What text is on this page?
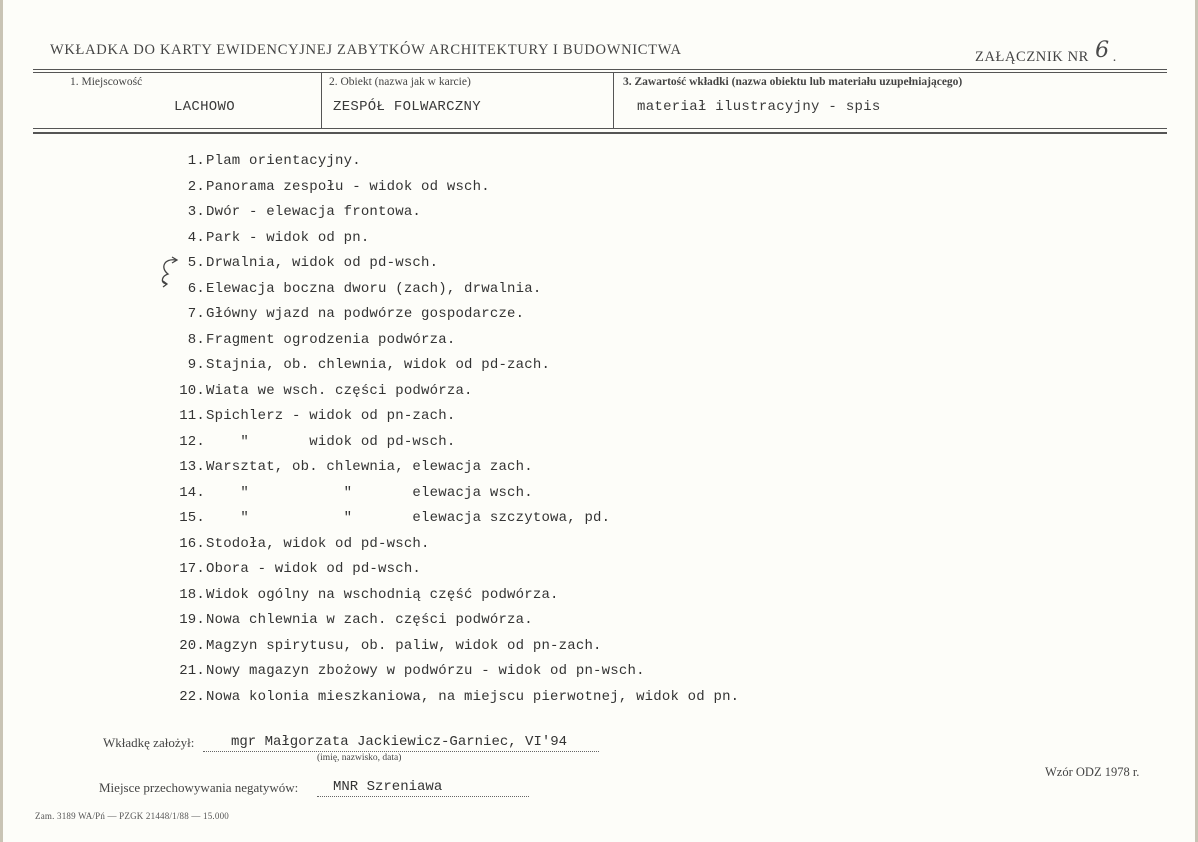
WKŁADKA DO KARTY EWIDENCYJNEJ ZABYTKÓW ARCHITEKTURY I BUDOWNICTWA	ZAŁĄCZNIK NR 6 .
1. Miejscowość
LACHOWO
2. Obiekt (nazwa jak w karcie)
ZESPÓŁ FOLWARCZNY
3. Zawartość wkładki (nazwa obiektu lub materiału uzupełniającego)
materiał ilustracyjny - spis
1.Plam orientacyjny.
2.Panorama zespołu - widok od wsch.
3.Dwór - elewacja frontowa.
4.Park - widok od pn.
5.Drwalnia, widok od pd-wsch.
6.Elewacja boczna dworu (zach), drwalnia.
7.Główny wjazd na podwórze gospodarcze.
8.Fragment ogrodzenia podwórza.
9.Stajnia, ob. chlewnia, widok od pd-zach.
10.Wiata we wsch. części podwórza.
11.Spichlerz - widok od pn-zach.
12.    "       widok od pd-wsch.
13.Warsztat, ob. chlewnia, elewacja zach.
14.    "           "       elewacja wsch.
15.    "           "       elewacja szczytowa, pd.
16.Stodoła, widok od pd-wsch.
17.Obora - widok od pd-wsch.
18.Widok ogólny na wschodnią część podwórza.
19.Nowa chlewnia w zach. części podwórza.
20.Magzyn spirytusu, ob. paliw, widok od pn-zach.
21.Nowy magazyn zbożowy w podwórzu - widok od pn-wsch.
22.Nowa kolonia mieszkaniowa, na miejscu pierwotnej, widok od pn.
Wkładkę założył:	mgr Małgorzata Jackiewicz-Garniec, VI'94
(imię, nazwisko, data)
Miejsce przechowywania negatywów: MNR Szreniawa
Wzór ODZ 1978 r.
Zam. 3189 WA/Pń — PZGK 21448/1/88 — 15.000
